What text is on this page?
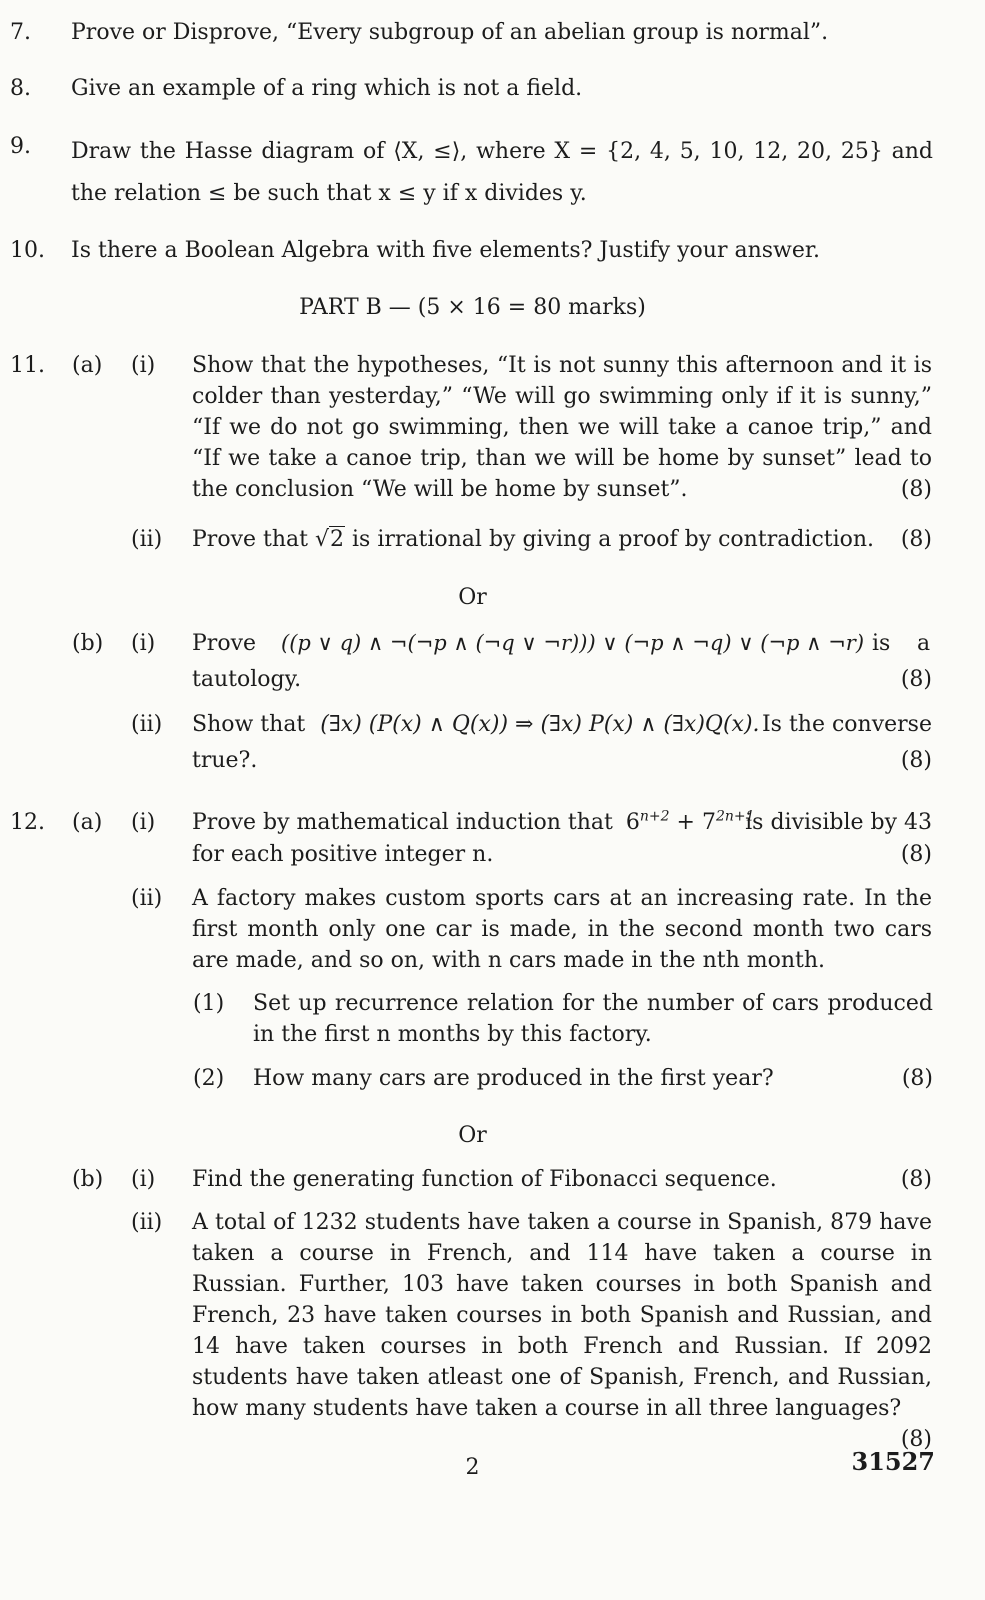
7. Prove or Disprove, “Every subgroup of an abelian group is normal”.
8. Give an example of a ring which is not a field.
9. Draw the Hasse diagram of ⟨X, ≤⟩, where X = {2, 4, 5, 10, 12, 20, 25} and the relation ≤ be such that x ≤ y if x divides y.
10. Is there a Boolean Algebra with five elements? Justify your answer.
PART B — (5 × 16 = 80 marks)
11. (a) (i) Show that the hypotheses, “It is not sunny this afternoon and it is colder than yesterday,” “We will go swimming only if it is sunny,” “If we do not go swimming, then we will take a canoe trip,” and “If we take a canoe trip, than we will be home by sunset” lead to the conclusion “We will be home by sunset”.	(8)
(ii) Prove that √2 is irrational by giving a proof by contradiction. (8)
Or
(b) (i) Prove ((p ∨ q) ∧ ¬(¬p ∧ (¬q ∨ ¬r))) ∨ (¬p ∧ ¬q) ∨ (¬p ∧ ¬r) is a
tautology.	(8)
(ii) Show that (∃x) (P(x) ∧ Q(x)) ⇒ (∃x) P(x) ∧ (∃x)Q(x). Is the converse
true?.	(8)
12. (a) (i) Prove by mathematical induction that $6^{n+2} + 7^{2n+1}$
is divisible by 43
for each positive integer n.	(8)
(ii) A factory makes custom sports cars at an increasing rate. In the first month only one car is made, in the second month two cars are made, and so on, with n cars made in the nth month.
(1) Set up recurrence relation for the number of cars produced in the first n months by this factory.
(2) How many cars are produced in the first year?	(8)
Or
(b) (i) Find the generating function of Fibonacci sequence.	(8)
(ii) A total of 1232 students have taken a course in Spanish, 879 have taken a course in French, and 114 have taken a course in Russian. Further, 103 have taken courses in both Spanish and French, 23 have taken courses in both Spanish and Russian, and 14 have taken courses in both French and Russian. If 2092 students have taken atleast one of Spanish, French, and Russian, how many students have taken a course in all three languages?
(8)
2	31527
